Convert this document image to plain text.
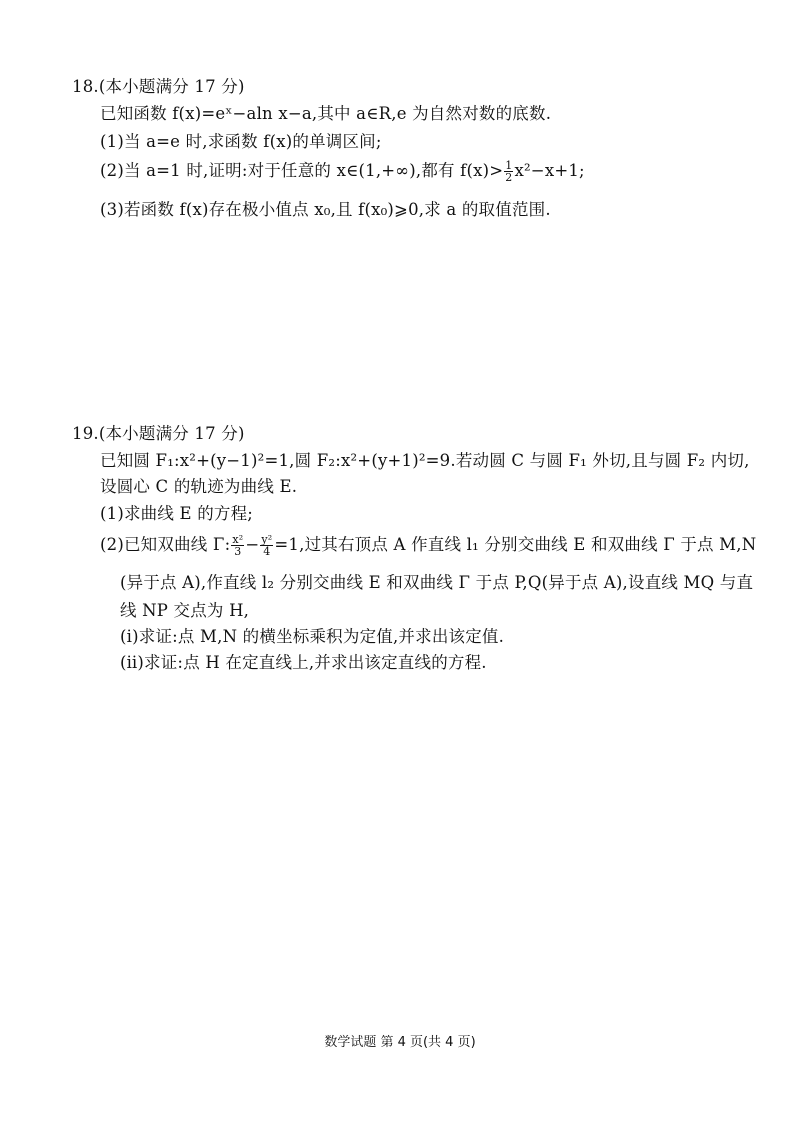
18.(本小题满分 17 分)
已知函数 f(x)=eˣ−aln x−a,其中 a∈R,e 为自然对数的底数.
(1)当 a=e 时,求函数 f(x)的单调区间;
(2)当 a=1 时,证明:对于任意的 x∈(1,+∞),都有 $f(x)> \frac{1}{2} x^2-x+1$;
(3)若函数 f(x)存在极小值点 x₀,且 f(x₀)⩾0,求 a 的取值范围.
19.(本小题满分 17 分)
已知圆 F₁:x²+(y−1)²=1,圆 F₂:x²+(y+1)²=9.若动圆 C 与圆 F₁ 外切,且与圆 F₂ 内切,
设圆心 C 的轨迹为曲线 E.
(1)求曲线 E 的方程;
(2)已知双曲线 Γ: $\frac{\text{x²}}{3} - \frac{\text{y²}}{4} =1$,过其右顶点 A 作直线 l₁ 分别交曲线 E 和双曲线 Γ 于点 M,N
(异于点 A),作直线 l₂ 分别交曲线 E 和双曲线 Γ 于点 P,Q(异于点 A),设直线 MQ 与直
线 NP 交点为 H,
(ⅰ)求证:点 M,N 的横坐标乘积为定值,并求出该定值.
(ⅱ)求证:点 H 在定直线上,并求出该定直线的方程.
数学试题 第 4 页(共 4 页)
